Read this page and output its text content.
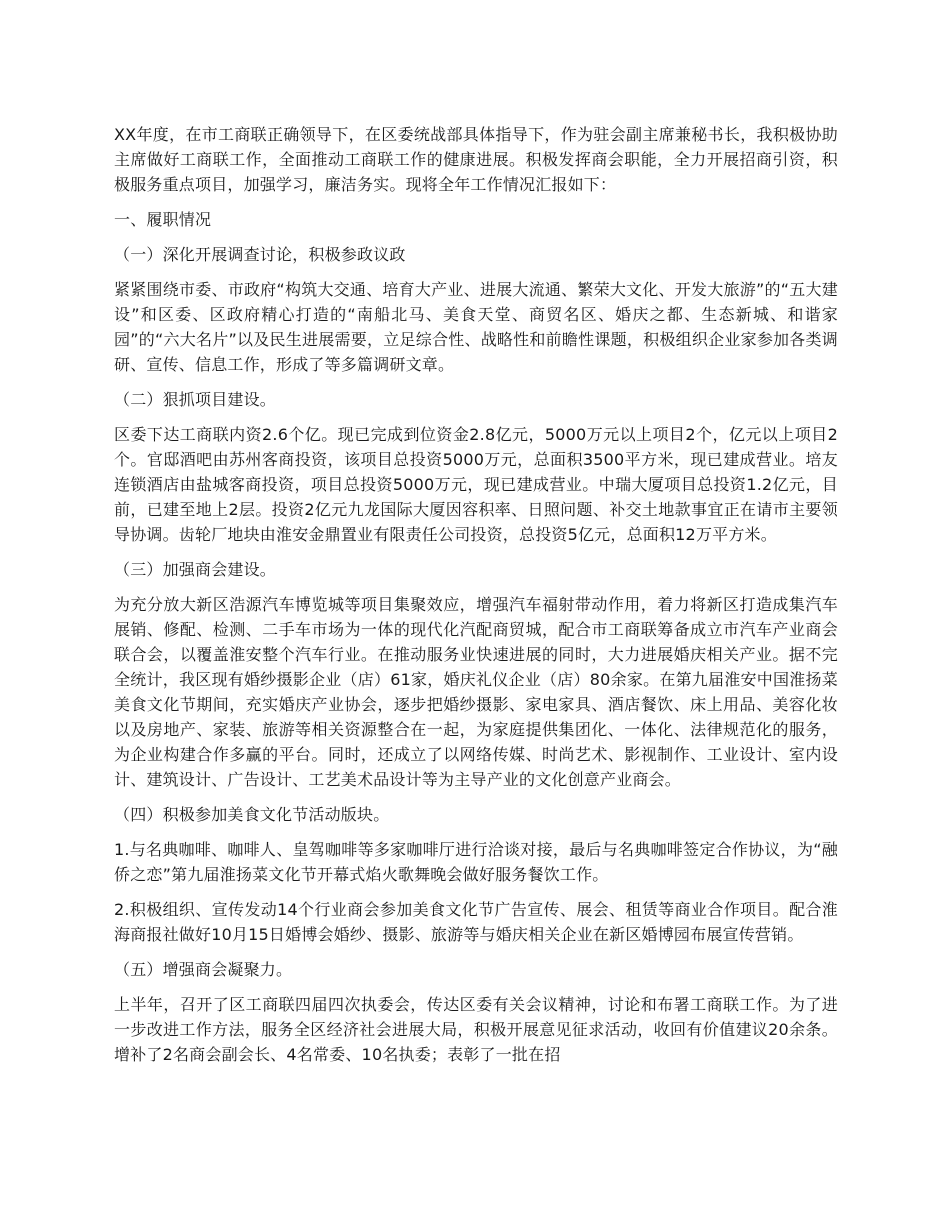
XX年度，在市工商联正确领导下，在区委统战部具体指导下，作为驻会副主席兼秘书长，我积极协助主席做好工商联工作，全面推动工商联工作的健康进展。积极发挥商会职能，全力开展招商引资，积极服务重点项目，加强学习，廉洁务实。现将全年工作情况汇报如下：

一、履职情况

（一）深化开展调查讨论，积极参政议政

紧紧围绕市委、市政府“构筑大交通、培育大产业、进展大流通、繁荣大文化、开发大旅游”的“五大建设”和区委、区政府精心打造的“南船北马、美食天堂、商贸名区、婚庆之都、生态新城、和谐家园”的“六大名片”以及民生进展需要，立足综合性、战略性和前瞻性课题，积极组织企业家参加各类调研、宣传、信息工作，形成了等多篇调研文章。

（二）狠抓项目建设。

区委下达工商联内资2.6个亿。现已完成到位资金2.8亿元，5000万元以上项目2个，亿元以上项目2个。官邸酒吧由苏州客商投资，该项目总投资5000万元，总面积3500平方米，现已建成营业。培友连锁酒店由盐城客商投资，项目总投资5000万元，现已建成营业。中瑞大厦项目总投资1.2亿元，目前，已建至地上2层。投资2亿元九龙国际大厦因容积率、日照问题、补交土地款事宜正在请市主要领导协调。齿轮厂地块由淮安金鼎置业有限责任公司投资，总投资5亿元，总面积12万平方米。

（三）加强商会建设。

为充分放大新区浩源汽车博览城等项目集聚效应，增强汽车福射带动作用，着力将新区打造成集汽车展销、修配、检测、二手车市场为一体的现代化汽配商贸城，配合市工商联筹备成立市汽车产业商会联合会，以覆盖淮安整个汽车行业。在推动服务业快速进展的同时，大力进展婚庆相关产业。据不完全统计，我区现有婚纱摄影企业（店）61家，婚庆礼仪企业（店）80余家。在第九届淮安中国淮扬菜美食文化节期间，充实婚庆产业协会，逐步把婚纱摄影、家电家具、酒店餐饮、床上用品、美容化妆以及房地产、家装、旅游等相关资源整合在一起，为家庭提供集团化、一体化、法律规范化的服务，为企业构建合作多赢的平台。同时，还成立了以网络传媒、时尚艺术、影视制作、工业设计、室内设计、建筑设计、广告设计、工艺美术品设计等为主导产业的文化创意产业商会。

（四）积极参加美食文化节活动版块。

1.与名典咖啡、咖啡人、皇驾咖啡等多家咖啡厅进行洽谈对接，最后与名典咖啡签定合作协议，为“融侨之恋”第九届淮扬菜文化节开幕式焰火歌舞晚会做好服务餐饮工作。

2.积极组织、宣传发动14个行业商会参加美食文化节广告宣传、展会、租赁等商业合作项目。配合淮海商报社做好10月15日婚博会婚纱、摄影、旅游等与婚庆相关企业在新区婚博园布展宣传营销。

（五）增强商会凝聚力。

上半年，召开了区工商联四届四次执委会，传达区委有关会议精神，讨论和布署工商联工作。为了进一步改进工作方法，服务全区经济社会进展大局，积极开展意见征求活动，收回有价值建议20余条。增补了2名商会副会长、4名常委、10名执委；表彰了一批在招
